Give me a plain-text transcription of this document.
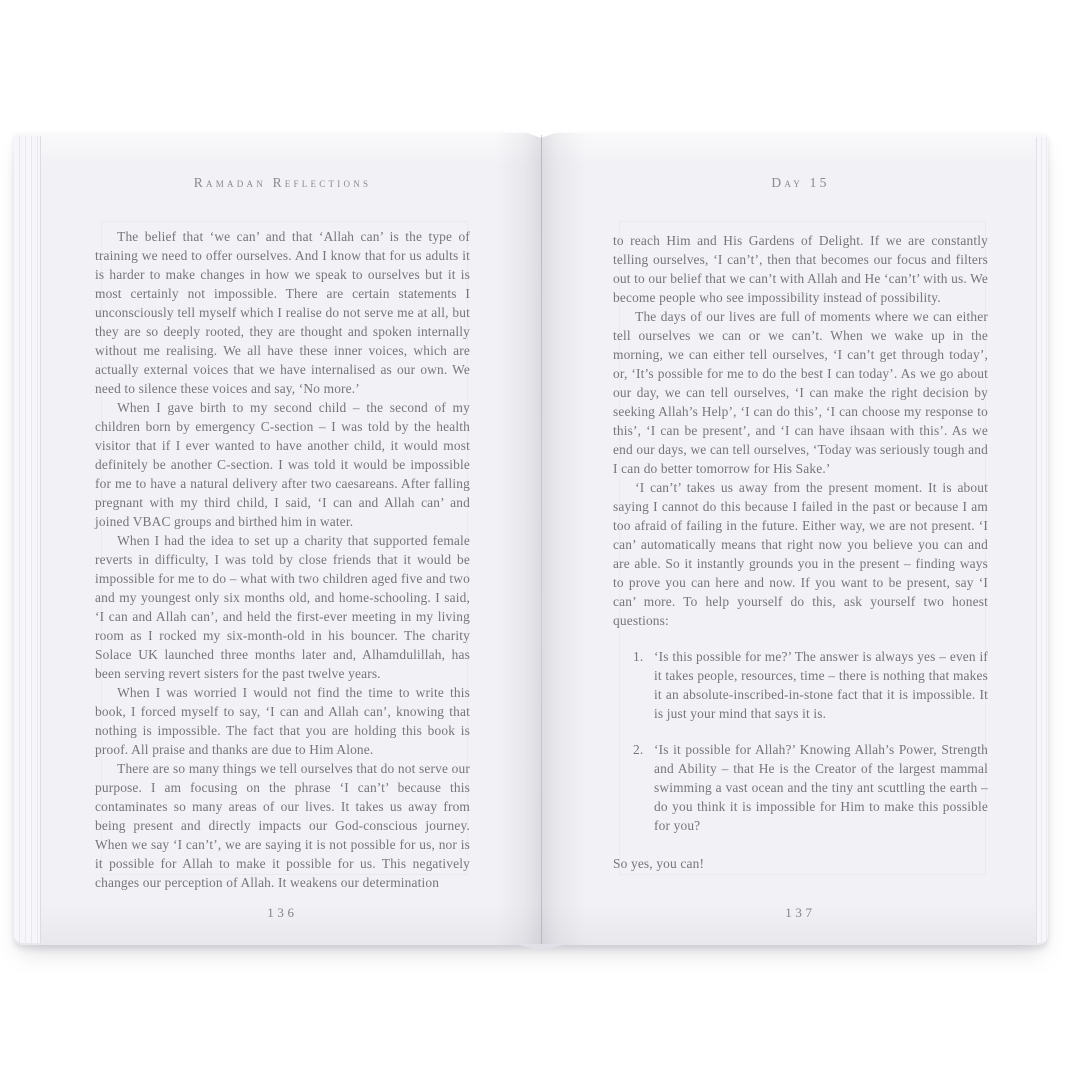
Ramadan Reflections

The belief that ‘we can’ and that ‘Allah can’ is the type of training we need to offer ourselves. And I know that for us adults it is harder to make changes in how we speak to ourselves but it is most certainly not impossible. There are certain statements I unconsciously tell myself which I realise do not serve me at all, but they are so deeply rooted, they are thought and spoken internally without me realising. We all have these inner voices, which are actually external voices that we have internalised as our own. We need to silence these voices and say, ‘No more.’

When I gave birth to my second child – the second of my children born by emergency C-section – I was told by the health visitor that if I ever wanted to have another child, it would most definitely be another C-section. I was told it would be impossible for me to have a natural delivery after two caesareans. After falling pregnant with my third child, I said, ‘I can and Allah can’ and joined VBAC groups and birthed him in water.

When I had the idea to set up a charity that supported female reverts in difficulty, I was told by close friends that it would be impossible for me to do – what with two children aged five and two and my youngest only six months old, and home-schooling. I said, ‘I can and Allah can’, and held the first-ever meeting in my living room as I rocked my six-month-old in his bouncer. The charity Solace UK launched three months later and, Alhamdulillah, has been serving revert sisters for the past twelve years.

When I was worried I would not find the time to write this book, I forced myself to say, ‘I can and Allah can’, knowing that nothing is impossible. The fact that you are holding this book is proof. All praise and thanks are due to Him Alone.

There are so many things we tell ourselves that do not serve our purpose. I am focusing on the phrase ‘I can’t’ because this contaminates so many areas of our lives. It takes us away from being present and directly impacts our God-conscious journey. When we say ‘I can’t’, we are saying it is not possible for us, nor is it possible for Allah to make it possible for us. This negatively changes our perception of Allah. It weakens our determination

136
Day 15

to reach Him and His Gardens of Delight. If we are constantly telling ourselves, ‘I can’t’, then that becomes our focus and filters out to our belief that we can’t with Allah and He ‘can’t’ with us. We become people who see impossibility instead of possibility.

The days of our lives are full of moments where we can either tell ourselves we can or we can’t. When we wake up in the morning, we can either tell ourselves, ‘I can’t get through today’, or, ‘It’s possible for me to do the best I can today’. As we go about our day, we can tell ourselves, ‘I can make the right decision by seeking Allah’s Help’, ‘I can do this’, ‘I can choose my response to this’, ‘I can be present’, and ‘I can have ihsaan with this’. As we end our days, we can tell ourselves, ‘Today was seriously tough and I can do better tomorrow for His Sake.’

‘I can’t’ takes us away from the present moment. It is about saying I cannot do this because I failed in the past or because I am too afraid of failing in the future. Either way, we are not present. ‘I can’ automatically means that right now you believe you can and are able. So it instantly grounds you in the present – finding ways to prove you can here and now. If you want to be present, say ‘I can’ more. To help yourself do this, ask yourself two honest questions:

1. ‘Is this possible for me?’ The answer is always yes – even if it takes people, resources, time – there is nothing that makes it an absolute-inscribed-in-stone fact that it is impossible. It is just your mind that says it is.

2. ‘Is it possible for Allah?’ Knowing Allah’s Power, Strength and Ability – that He is the Creator of the largest mammal swimming a vast ocean and the tiny ant scuttling the earth – do you think it is impossible for Him to make this possible for you?

So yes, you can!

137
